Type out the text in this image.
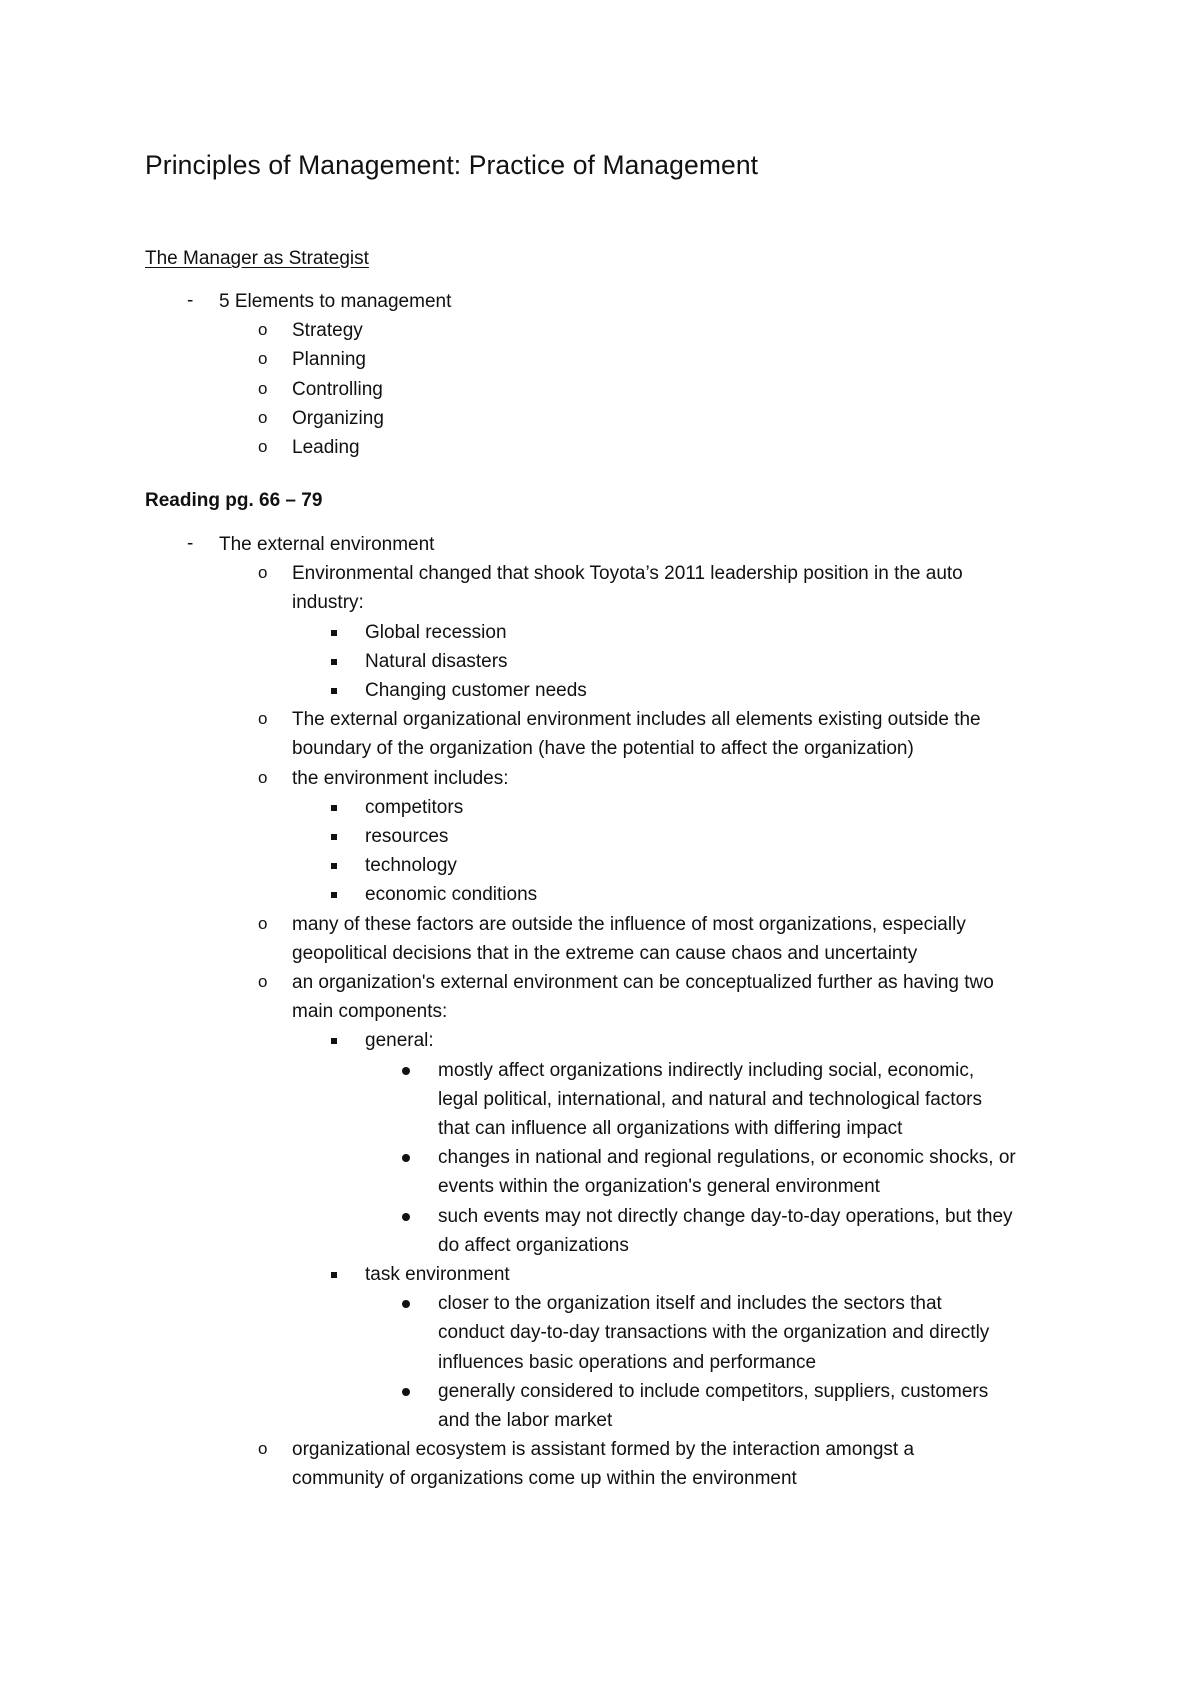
Principles of Management: Practice of Management
The Manager as Strategist
Reading pg. 66 – 79
- 5 Elements to management
o Strategy
o Planning
o Controlling
o Organizing
o Leading
- The external environment
o Environmental changed that shook Toyota’s 2011 leadership position in the auto
industry:
Global recession
Natural disasters
Changing customer needs
o The external organizational environment includes all elements existing outside the
boundary of the organization (have the potential to affect the organization)
o the environment includes:
competitors
resources
technology
economic conditions
o many of these factors are outside the influence of most organizations, especially
geopolitical decisions that in the extreme can cause chaos and uncertainty
o an organization's external environment can be conceptualized further as having two
main components:
general:
mostly affect organizations indirectly including social, economic,
legal political, international, and natural and technological factors
that can influence all organizations with differing impact
changes in national and regional regulations, or economic shocks, or
events within the organization's general environment
such events may not directly change day-to-day operations, but they
do affect organizations
task environment
closer to the organization itself and includes the sectors that
conduct day-to-day transactions with the organization and directly
influences basic operations and performance
generally considered to include competitors, suppliers, customers
and the labor market
o organizational ecosystem is assistant formed by the interaction amongst a
community of organizations come up within the environment
